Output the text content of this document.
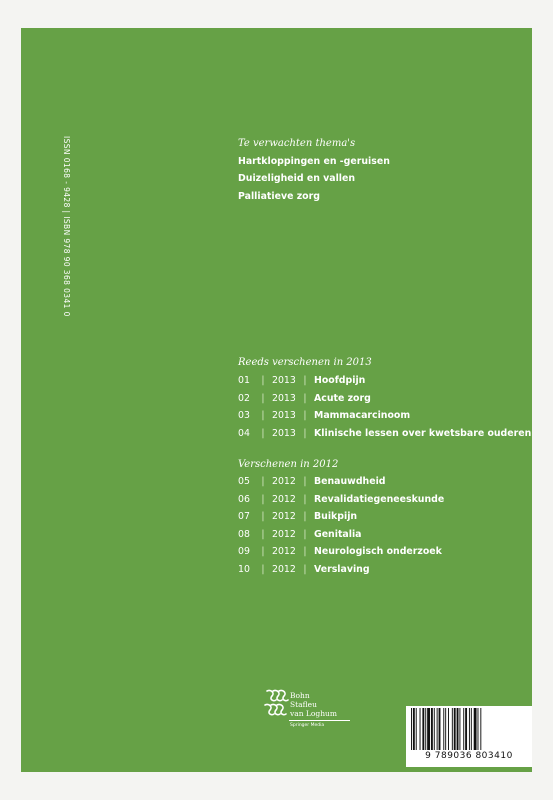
ISSN 0168 - 9428 | ISBN 978 90 368 0341 0	Te verwachten thema's
Hartkloppingen en -geruisen
Duizeligheid en vallen
Palliatieve zorg
Reeds verschenen in 2013
01	| 2013 | Hoofdpijn
02	| 2013 | Acute zorg
03	| 2013 | Mammacarcinoom
04	| 2013 | Klinische lessen over kwetsbare ouderen
Verschenen in 2012
05	| 2012 | Benauwdheid
06	| 2012 | Revalidatiegeneeskunde
07	| 2012 | Buikpijn
08	| 2012 | Genitalia
09	| 2012 | Neurologisch onderzoek
10	| 2012 | Verslaving
Bohn
Stafleu
van Loghum
Springer Media
9 789036 803410
